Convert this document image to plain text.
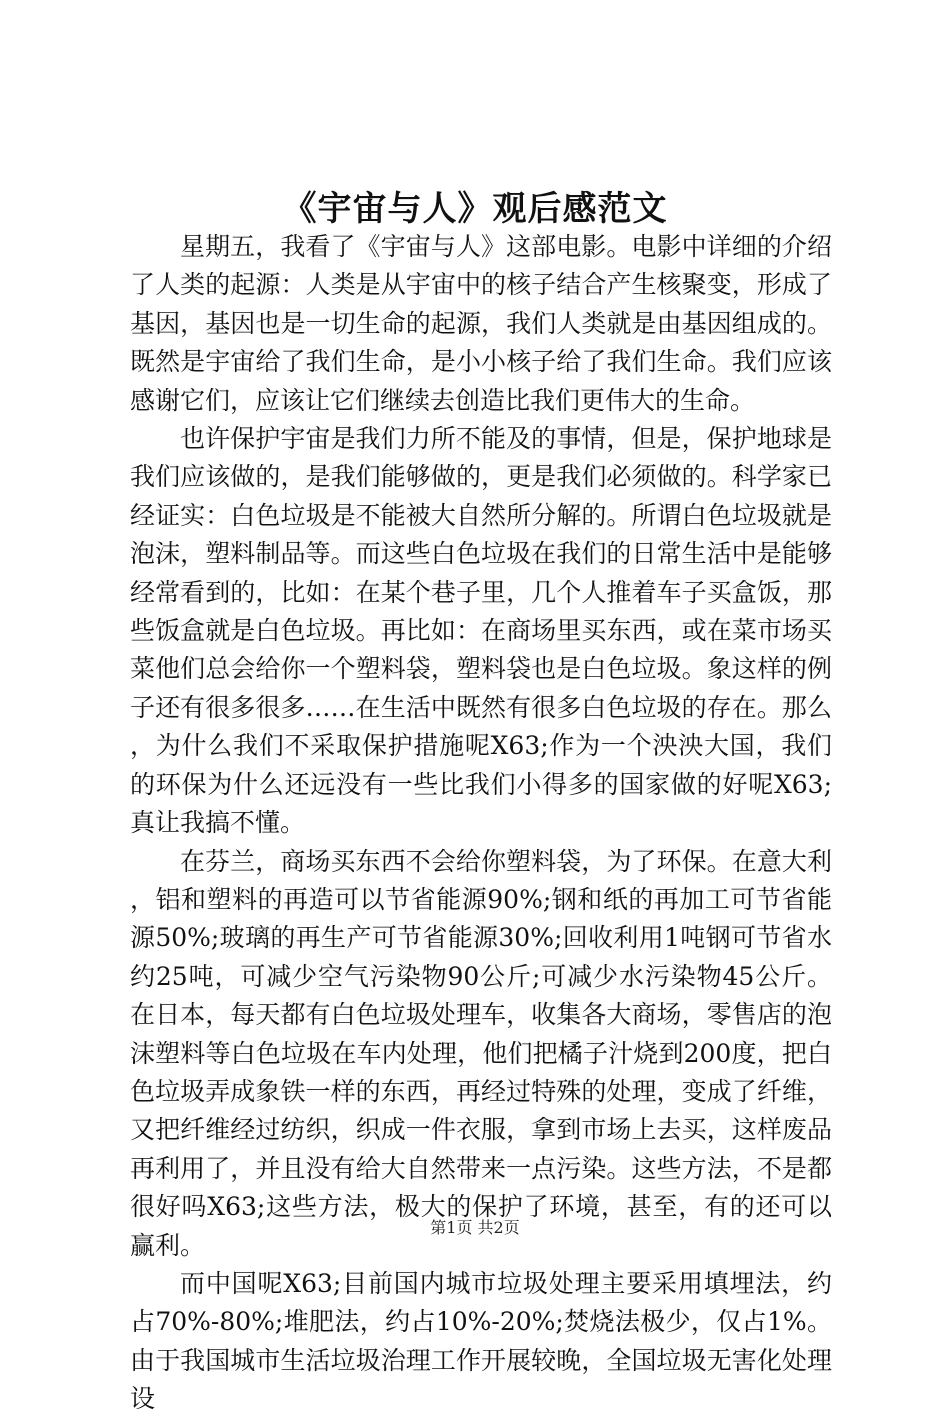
《宇宙与人》观后感范文

星期五，我看了《宇宙与人》这部电影。电影中详细的介绍了人类的起源：人类是从宇宙中的核子结合产生核聚变，形成了基因，基因也是一切生命的起源，我们人类就是由基因组成的。既然是宇宙给了我们生命，是小小核子给了我们生命。我们应该感谢它们，应该让它们继续去创造比我们更伟大的生命。

也许保护宇宙是我们力所不能及的事情，但是，保护地球是我们应该做的，是我们能够做的，更是我们必须做的。科学家已经证实：白色垃圾是不能被大自然所分解的。所谓白色垃圾就是泡沫，塑料制品等。而这些白色垃圾在我们的日常生活中是能够经常看到的，比如：在某个巷子里，几个人推着车子买盒饭，那些饭盒就是白色垃圾。再比如：在商场里买东西，或在菜市场买菜他们总会给你一个塑料袋，塑料袋也是白色垃圾。象这样的例子还有很多很多……在生活中既然有很多白色垃圾的存在。那么，为什么我们不采取保护措施呢X63;作为一个泱泱大国，我们的环保为什么还远没有一些比我们小得多的国家做的好呢X63;真让我搞不懂。

在芬兰，商场买东西不会给你塑料袋，为了环保。在意大利，铝和塑料的再造可以节省能源90%;钢和纸的再加工可节省能源50%;玻璃的再生产可节省能源30%;回收利用1吨钢可节省水约25吨，可减少空气污染物90公斤;可减少水污染物45公斤。在日本，每天都有白色垃圾处理车，收集各大商场，零售店的泡沫塑料等白色垃圾在车内处理，他们把橘子汁烧到200度，把白色垃圾弄成象铁一样的东西，再经过特殊的处理，变成了纤维，又把纤维经过纺织，织成一件衣服，拿到市场上去买，这样废品再利用了，并且没有给大自然带来一点污染。这些方法，不是都很好吗X63;这些方法，极大的保护了环境，甚至，有的还可以赢利。

而中国呢X63;目前国内城市垃圾处理主要采用填埋法，约占70%-80%;堆肥法，约占10%-20%;焚烧法极少，仅占1%。由于我国城市生活垃圾治理工作开展较晚，全国垃圾无害化处理设

第1页 共2页
